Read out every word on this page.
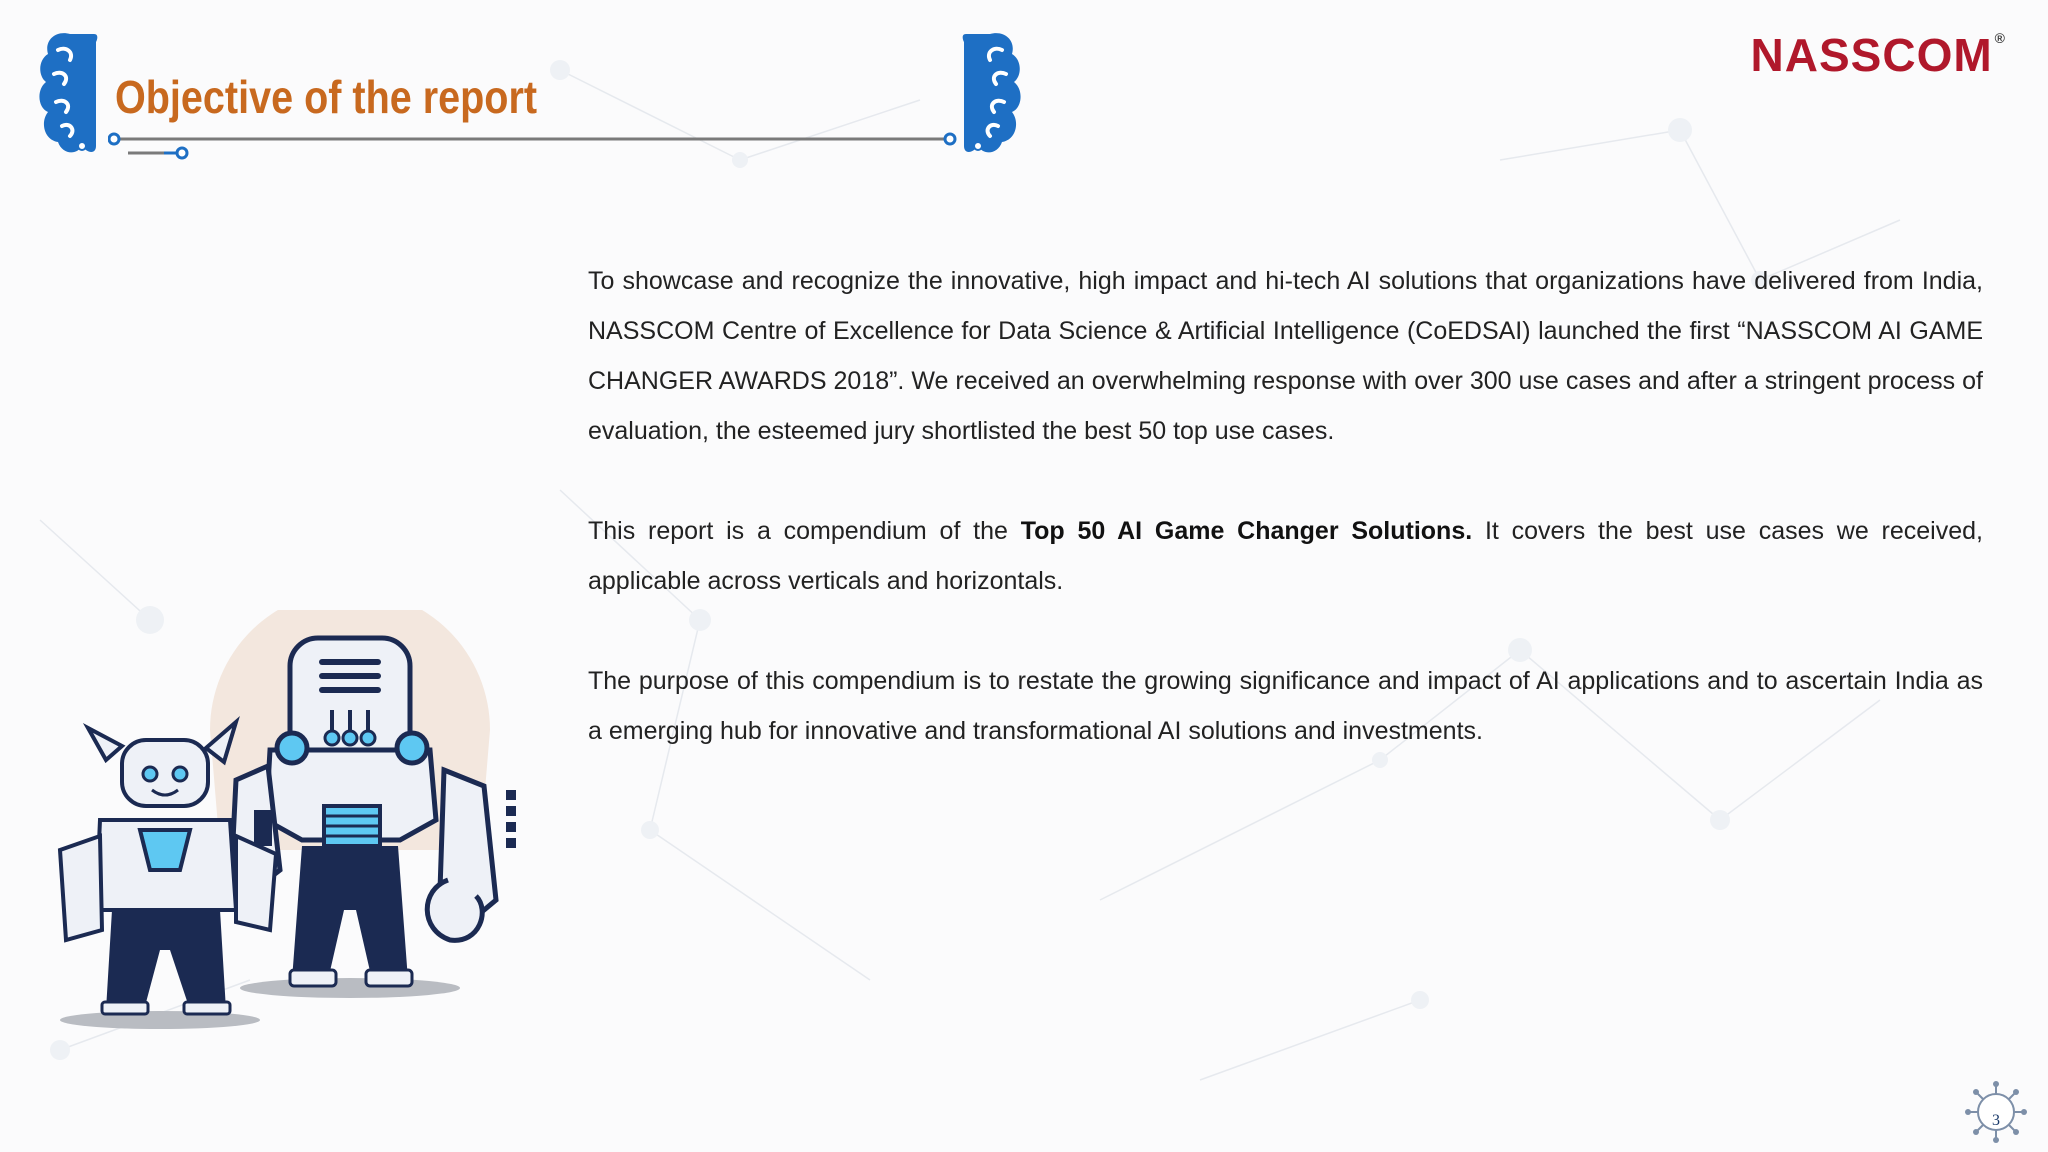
Objective of the report
NASSCOM ®

To showcase and recognize the innovative, high impact and hi-tech AI solutions that organizations have delivered from India, NASSCOM Centre of Excellence for Data Science & Artificial Intelligence (CoEDSAI) launched the first “NASSCOM AI GAME CHANGER AWARDS 2018”. We received an overwhelming response with over 300 use cases and after a stringent process of evaluation, the esteemed jury shortlisted the best 50 top use cases.

This report is a compendium of the Top 50 AI Game Changer Solutions. It covers the best use cases we received, applicable across verticals and horizontals.

The purpose of this compendium is to restate the growing significance and impact of AI applications and to ascertain India as a emerging hub for innovative and transformational AI solutions and investments.

3
